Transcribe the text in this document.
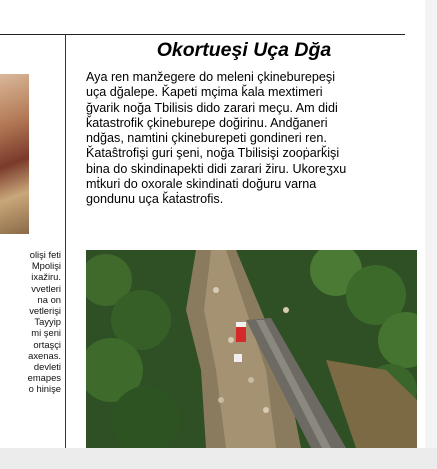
olişi feti
Mpolişi
ixažiru.
vvetleri
na on
vetlerişi
Tayyip
mi şeni
ortaşçi
axenas.
devleti
emapes
o hinişe
Okortueşi Uça Dğa
Aya ren manžegere do meleni çkineburepeşi
uça dğalepe. Ǩapeti mçima ǩala mextimeri
ğvarik noğa Tbilisis dido zarari meçu. Am didi
ǩatastrofik çkineburepe doğirinu. Andğaneri
ndğas, namtini çkineburepeti gondineri ren.
Ǩataŝtrofişi guri şeni, noğa Tbilisişi zooṗarǩişi
bina do skindinapekti didi zarari žiru. Ukoreʒxu
mṫkuri do oxorale skindinati doğuru varna
gondunu uça ǩaṫastrofis.
